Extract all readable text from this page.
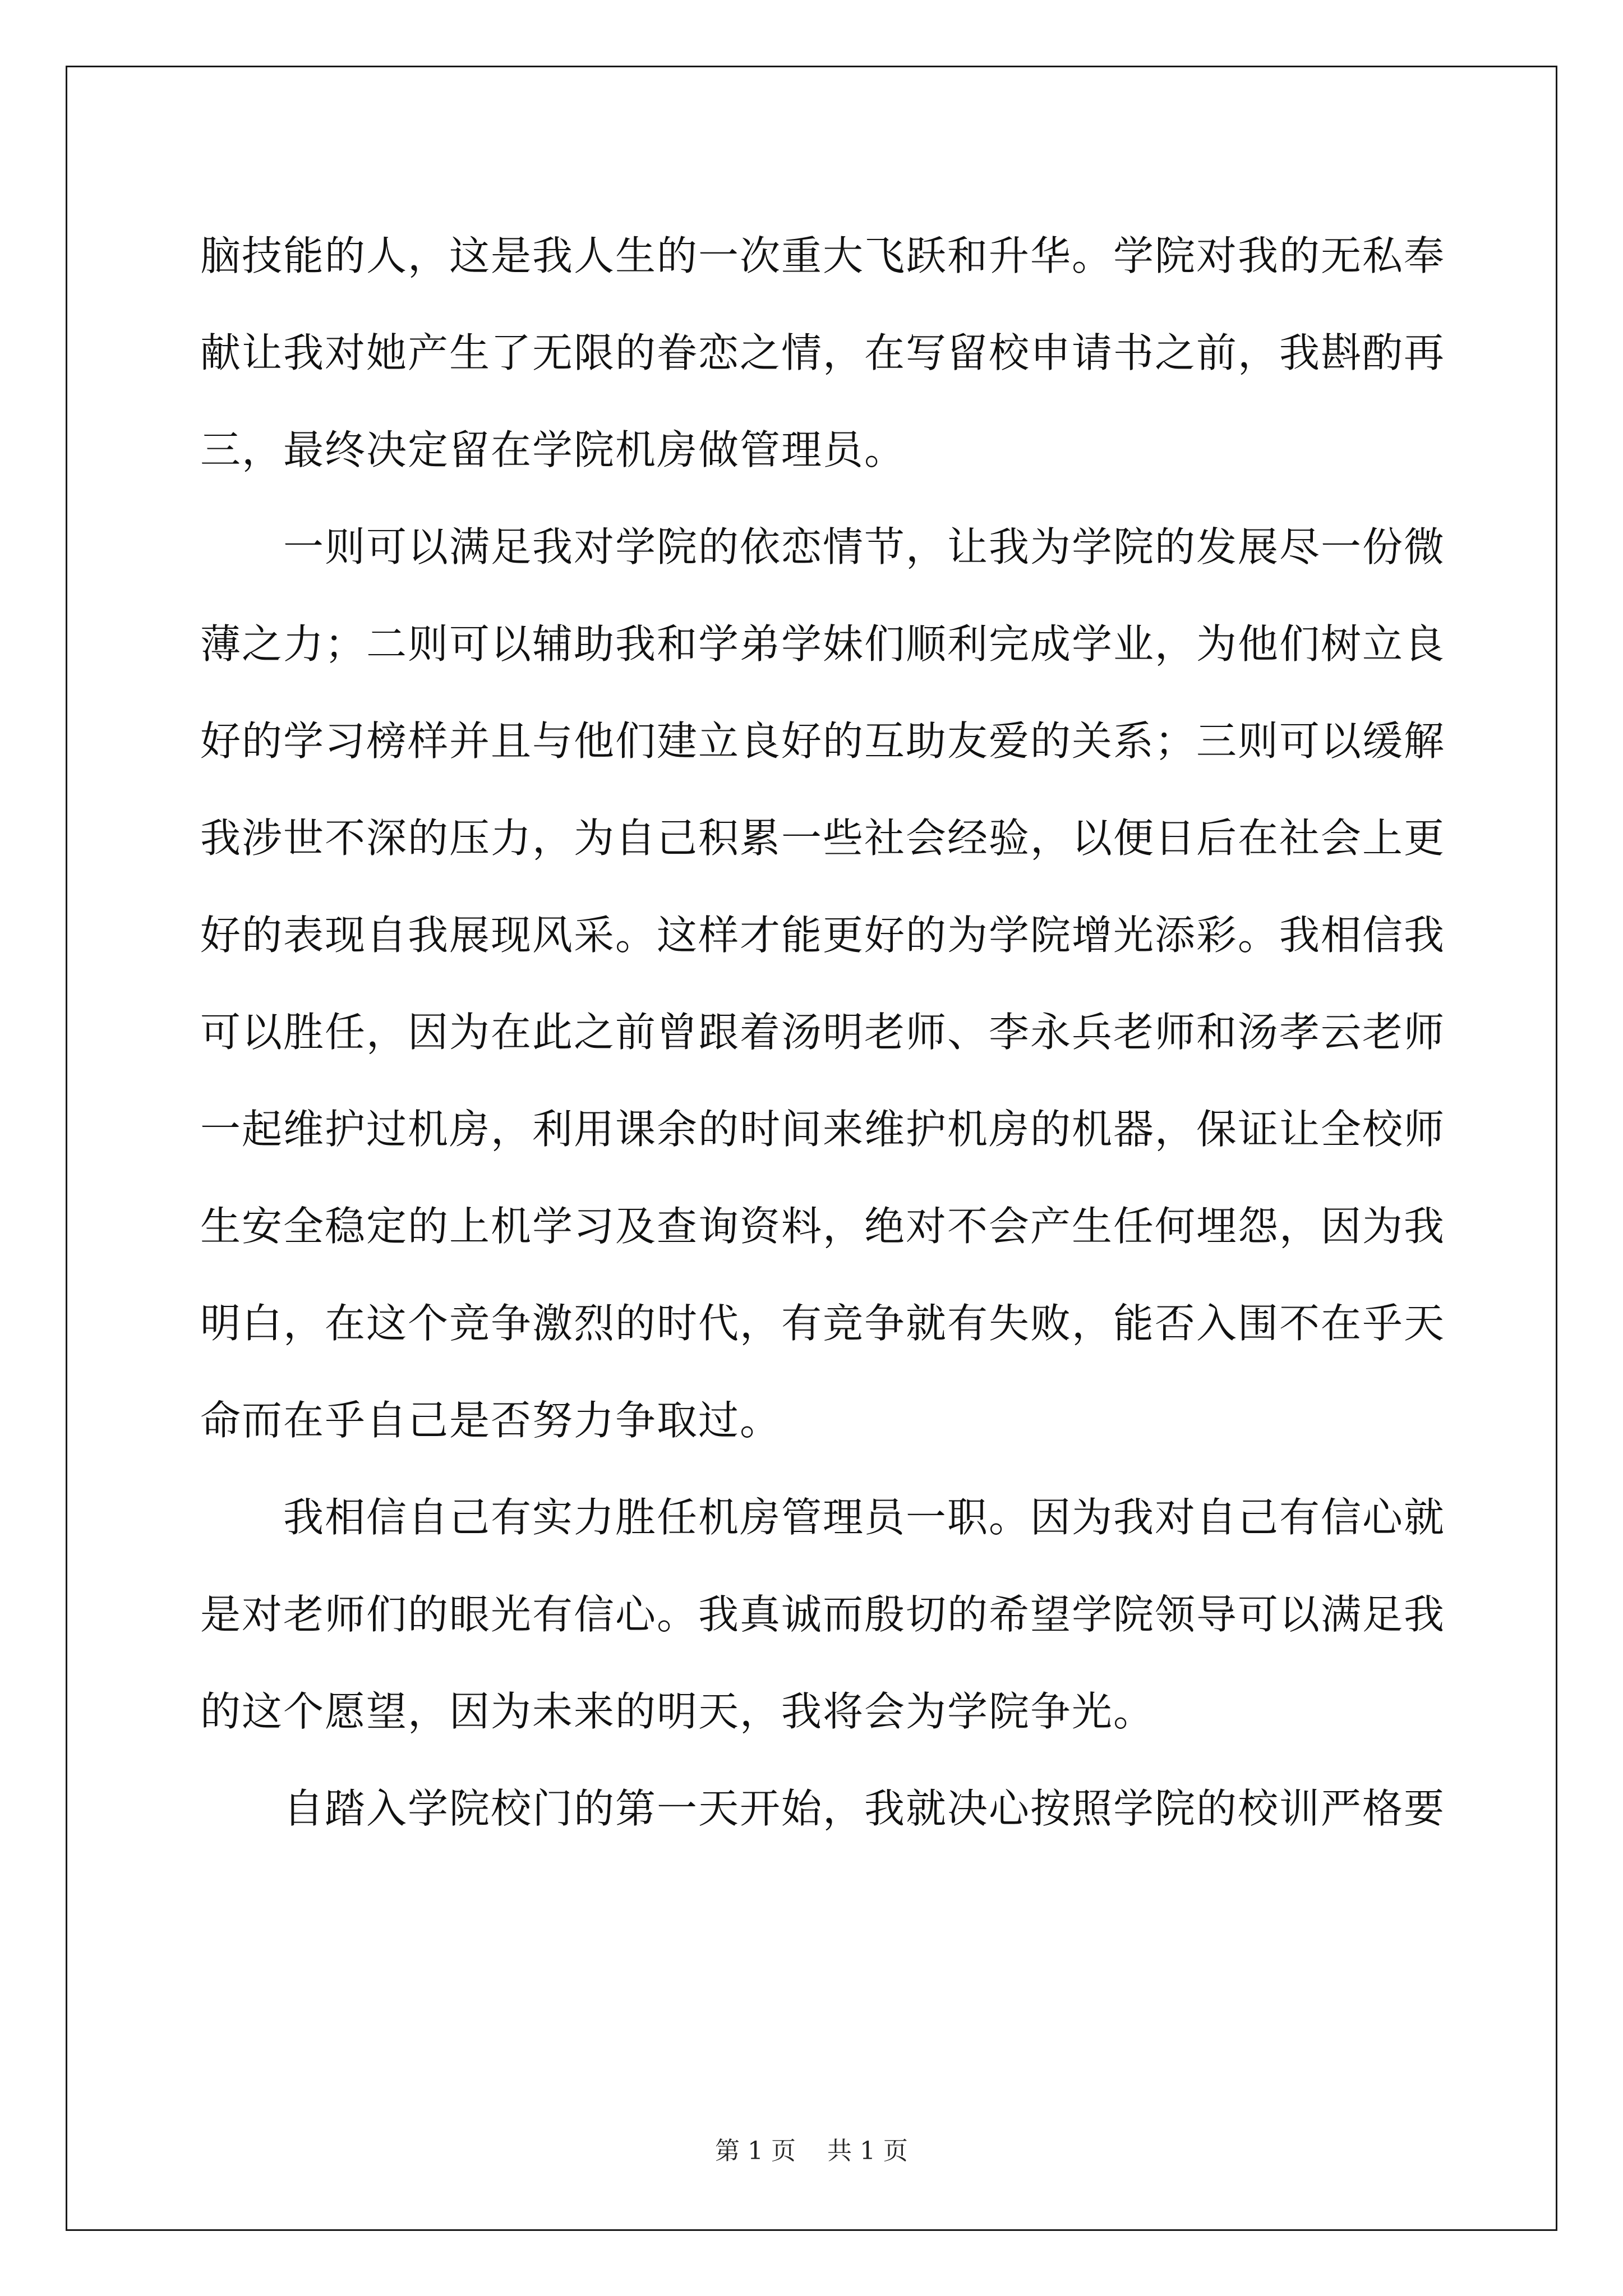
脑技能的人，这是我人生的一次重大飞跃和升华。学院对我的无私奉
献让我对她产生了无限的眷恋之情，在写留校申请书之前，我斟酌再
三，最终决定留在学院机房做管理员。
　　一则可以满足我对学院的依恋情节，让我为学院的发展尽一份微
薄之力；二则可以辅助我和学弟学妹们顺利完成学业，为他们树立良
好的学习榜样并且与他们建立良好的互助友爱的关系；三则可以缓解
我涉世不深的压力，为自己积累一些社会经验，以便日后在社会上更
好的表现自我展现风采。这样才能更好的为学院增光添彩。我相信我
可以胜任，因为在此之前曾跟着汤明老师、李永兵老师和汤孝云老师
一起维护过机房，利用课余的时间来维护机房的机器，保证让全校师
生安全稳定的上机学习及查询资料，绝对不会产生任何埋怨，因为我
明白，在这个竞争激烈的时代，有竞争就有失败，能否入围不在乎天
命而在乎自己是否努力争取过。
　　我相信自己有实力胜任机房管理员一职。因为我对自己有信心就
是对老师们的眼光有信心。我真诚而殷切的希望学院领导可以满足我
的这个愿望，因为未来的明天，我将会为学院争光。
　　自踏入学院校门的第一天开始，我就决心按照学院的校训严格要
第 1 页 共 1 页
